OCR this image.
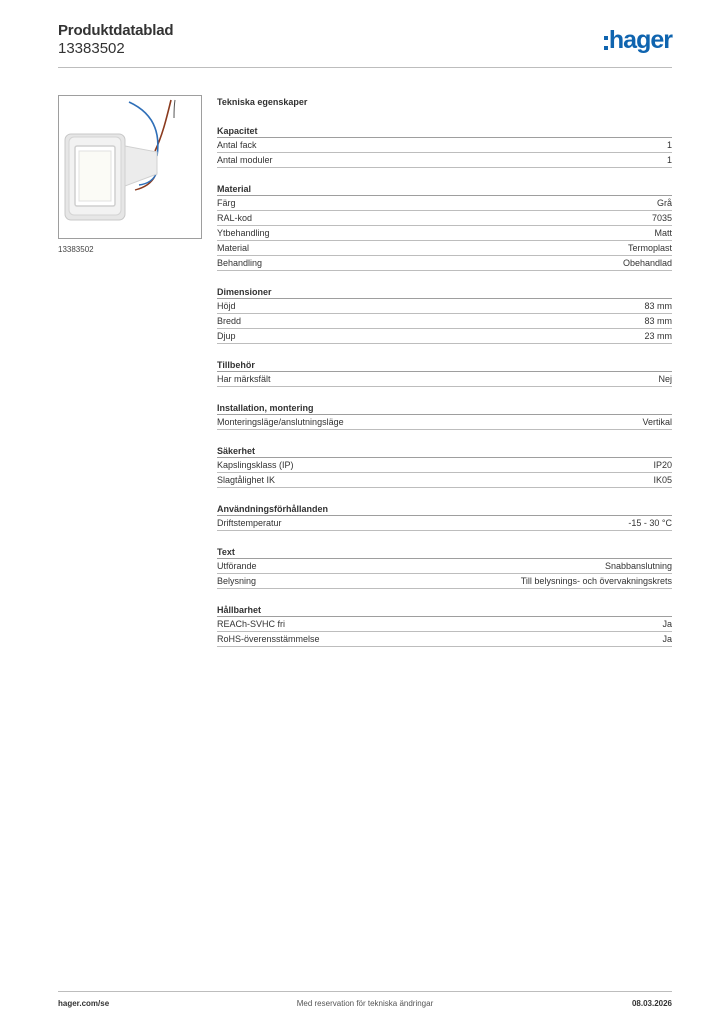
Produktdatablad
13383502	hager
13383502
Tekniska egenskaper
Kapacitet
Antal fack	1
Antal moduler	1
Material
Färg	Grå
RAL-kod	7035
Ytbehandling	Matt
Material	Termoplast
Behandling	Obehandlad
Dimensioner
Höjd	83 mm
Bredd	83 mm
Djup	23 mm
Tillbehör
Har märksfält	Nej
Installation, montering
Monteringsläge/anslutningsläge	Vertikal
Säkerhet
Kapslingsklass (IP)	IP20
Slagtålighet IK	IK05
Användningsförhållanden
Driftstemperatur	-15 - 30 °C
Text
Utförande	Snabbanslutning
Belysning	Till belysnings- och övervakningskrets
Hållbarhet
REACh-SVHC fri	Ja
RoHS-överensstämmelse	Ja
hager.com/se	Med reservation för tekniska ändringar	08.03.2026
